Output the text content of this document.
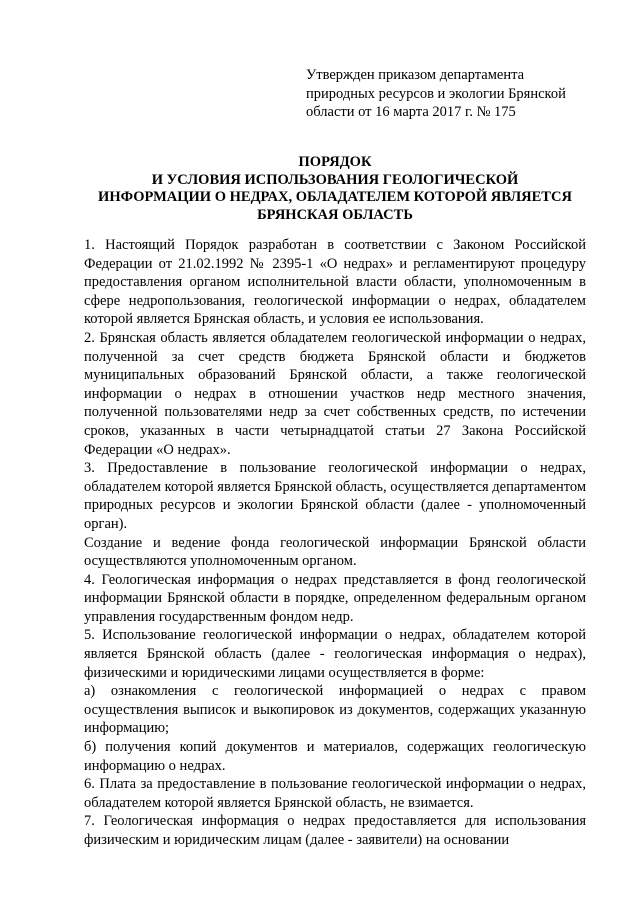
Утвержден приказом департамента
природных ресурсов и экологии Брянской
области от 16 марта 2017 г. № 175
ПОРЯДОК
И УСЛОВИЯ ИСПОЛЬЗОВАНИЯ ГЕОЛОГИЧЕСКОЙ
ИНФОРМАЦИИ О НЕДРАХ, ОБЛАДАТЕЛЕМ КОТОРОЙ ЯВЛЯЕТСЯ
БРЯНСКАЯ ОБЛАСТЬ

1. Настоящий Порядок разработан в соответствии с Законом Российской Федерации от 21.02.1992 № 2395-1 «О недрах» и регламентируют процедуру предоставления органом исполнительной власти области, уполномоченным в сфере недропользования, геологической информации о недрах, обладателем которой является Брянская область, и условия ее использования.

2. Брянская область является обладателем геологической информации о недрах, полученной за счет средств бюджета Брянской области и бюджетов муниципальных образований Брянской области, а также геологической информации о недрах в отношении участков недр местного значения, полученной пользователями недр за счет собственных средств, по истечении сроков, указанных в части четырнадцатой статьи 27 Закона Российской Федерации «О недрах».

3. Предоставление в пользование геологической информации о недрах, обладателем которой является Брянской область, осуществляется департаментом природных ресурсов и экологии Брянской области (далее - уполномоченный орган).

Создание и ведение фонда геологической информации Брянской области осуществляются уполномоченным органом.

4. Геологическая информация о недрах представляется в фонд геологической информации Брянской области в порядке, определенном федеральным органом управления государственным фондом недр.

5. Использование геологической информации о недрах, обладателем которой является Брянской область (далее - геологическая информация о недрах), физическими и юридическими лицами осуществляется в форме:

а) ознакомления с геологической информацией о недрах с правом осуществления выписок и выкопировок из документов, содержащих указанную информацию;

б) получения копий документов и материалов, содержащих геологическую информацию о недрах.

6. Плата за предоставление в пользование геологической информации о недрах, обладателем которой является Брянской область, не взимается.

7. Геологическая информация о недрах предоставляется для использования физическим и юридическим лицам (далее - заявители) на основании
